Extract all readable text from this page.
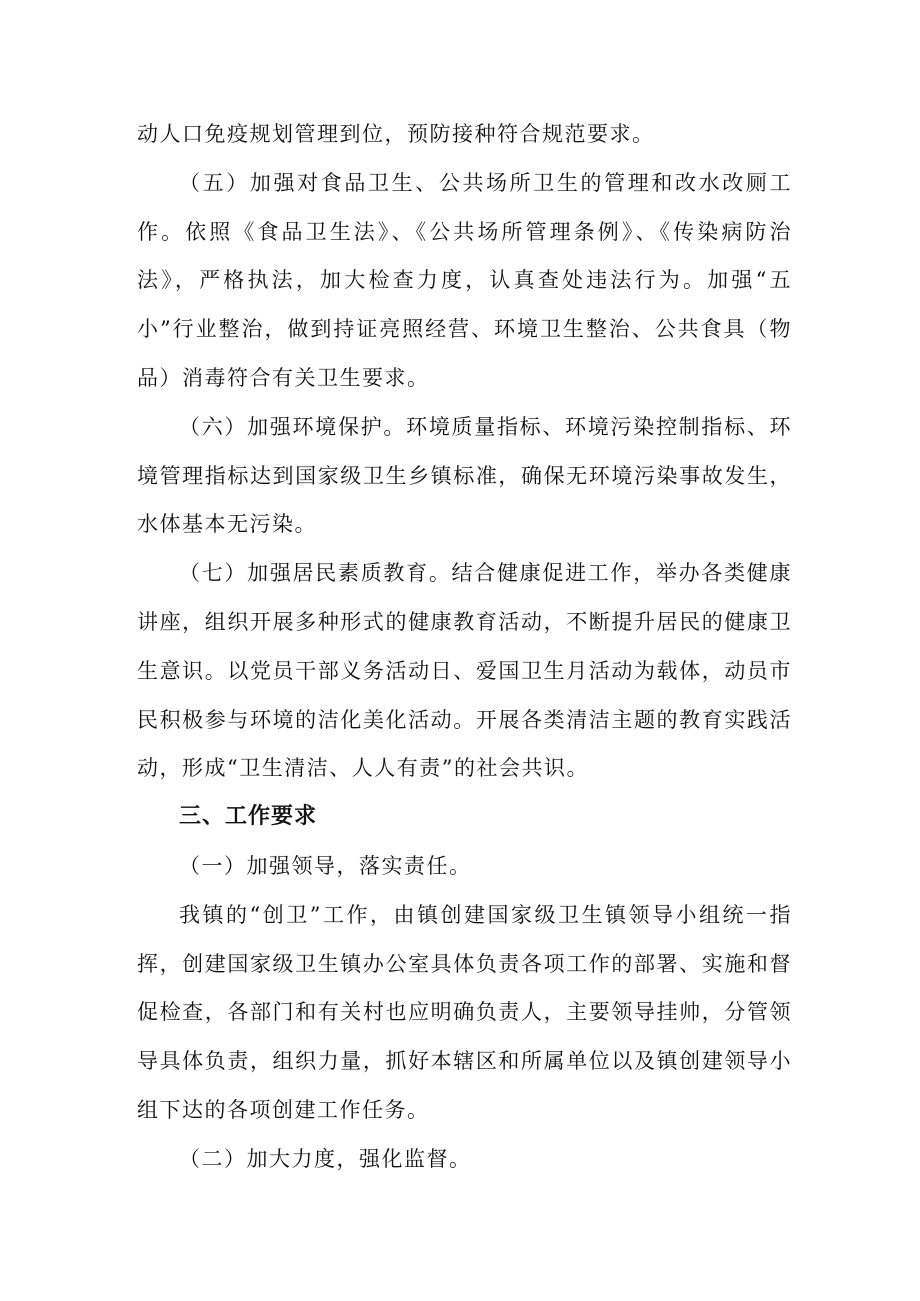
动人口免疫规划管理到位，预防接种符合规范要求。

（五）加强对食品卫生、公共场所卫生的管理和改水改厕工作。依照《食品卫生法》、《公共场所管理条例》、《传染病防治法》，严格执法，加大检查力度，认真查处违法行为。加强“五小”行业整治，做到持证亮照经营、环境卫生整治、公共食具（物品）消毒符合有关卫生要求。

（六）加强环境保护。环境质量指标、环境污染控制指标、环境管理指标达到国家级卫生乡镇标准，确保无环境污染事故发生，水体基本无污染。

（七）加强居民素质教育。结合健康促进工作，举办各类健康讲座，组织开展多种形式的健康教育活动，不断提升居民的健康卫生意识。以党员干部义务活动日、爱国卫生月活动为载体，动员市民积极参与环境的洁化美化活动。开展各类清洁主题的教育实践活动，形成“卫生清洁、人人有责”的社会共识。

三、工作要求

（一）加强领导，落实责任。

我镇的“创卫”工作，由镇创建国家级卫生镇领导小组统一指挥，创建国家级卫生镇办公室具体负责各项工作的部署、实施和督促检查，各部门和有关村也应明确负责人，主要领导挂帅，分管领导具体负责，组织力量，抓好本辖区和所属单位以及镇创建领导小组下达的各项创建工作任务。

（二）加大力度，强化监督。
